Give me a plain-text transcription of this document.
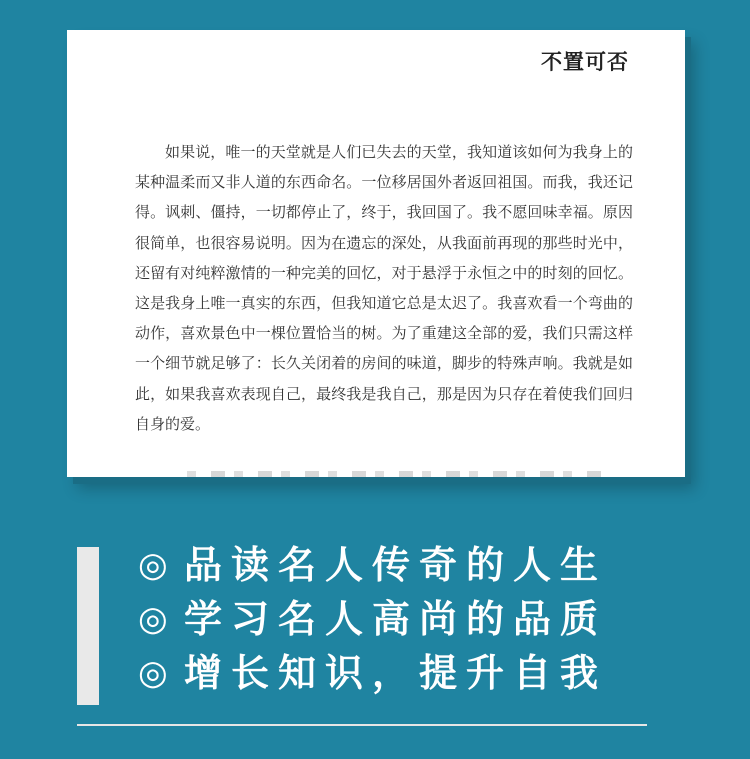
不置可否

如果说，唯一的天堂就是人们已失去的天堂，我知道该如何为我身上的某种温柔而又非人道的东西命名。一位移居国外者返回祖国。而我，我还记得。讽刺、僵持，一切都停止了，终于，我回国了。我不愿回味幸福。原因很简单，也很容易说明。因为在遗忘的深处，从我面前再现的那些时光中，还留有对纯粹激情的一种完美的回忆，对于悬浮于永恒之中的时刻的回忆。这是我身上唯一真实的东西，但我知道它总是太迟了。我喜欢看一个弯曲的动作，喜欢景色中一棵位置恰当的树。为了重建这全部的爱，我们只需这样一个细节就足够了：长久关闭着的房间的味道，脚步的特殊声响。我就是如此，如果我喜欢表现自己，最终我是我自己，那是因为只存在着使我们回归自身的爱。

◎ 品读名人传奇的人生
◎ 学习名人高尚的品质
◎ 增长知识，提升自我
